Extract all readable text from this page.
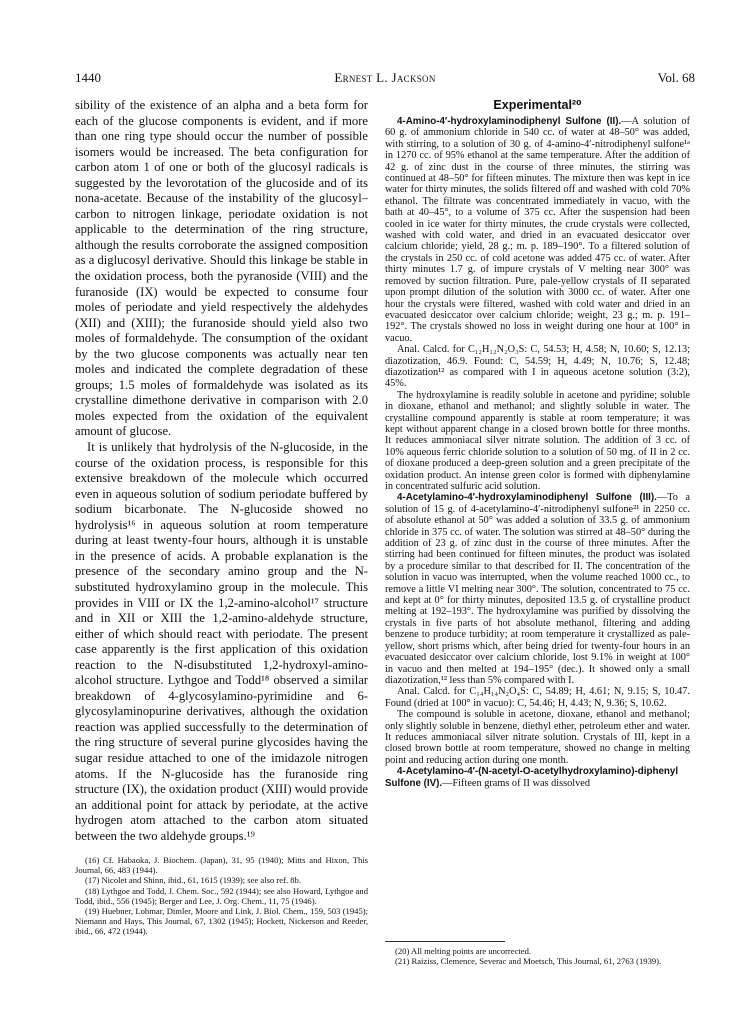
1440	Ernest L. Jackson	Vol. 68

sibility of the existence of an alpha and a beta form for each of the glucose components is evident, and if more than one ring type should occur the number of possible isomers would be increased. The beta configuration for carbon atom 1 of one or both of the glucosyl radicals is suggested by the levorotation of the glucoside and of its nona-acetate. Because of the instability of the glucosyl–carbon to nitrogen linkage, periodate oxidation is not applicable to the determination of the ring structure, although the results corroborate the assigned composition as a diglucosyl derivative. Should this linkage be stable in the oxidation process, both the pyranoside (VIII) and the furanoside (IX) would be expected to consume four moles of periodate and yield respectively the aldehydes (XII) and (XIII); the furanoside should yield also two moles of formaldehyde. The consumption of the oxidant by the two glucose components was actually near ten moles and indicated the complete degradation of these groups; 1.5 moles of formaldehyde was isolated as its crystalline dimethone derivative in comparison with 2.0 moles expected from the oxidation of the equivalent amount of glucose.

It is unlikely that hydrolysis of the N-glucoside, in the course of the oxidation process, is responsible for this extensive breakdown of the molecule which occurred even in aqueous solution of sodium periodate buffered by sodium bicarbonate. The N-glucoside showed no hydrolysis¹⁶ in aqueous solution at room temperature during at least twenty-four hours, although it is unstable in the presence of acids. A probable explanation is the presence of the secondary amino group and the N-substituted hydroxylamino group in the molecule. This provides in VIII or IX the 1,2-amino-alcohol¹⁷ structure and in XII or XIII the 1,2-amino-aldehyde structure, either of which should react with periodate. The present case apparently is the first application of this oxidation reaction to the N-disubstituted 1,2-hydroxyl-amino-alcohol structure. Lythgoe and Todd¹⁸ observed a similar breakdown of 4-glycosylamino-pyrimidine and 6-glycosylaminopurine derivatives, although the oxidation reaction was applied successfully to the determination of the ring structure of several purine glycosides having the sugar residue attached to one of the imidazole nitrogen atoms. If the N-glucoside has the furanoside ring structure (IX), the oxidation product (XIII) would provide an additional point for attack by periodate, at the active hydrogen atom attached to the carbon atom situated between the two aldehyde groups.¹⁹

(16) Cf. Habaoka, J. Biochem. (Japan), 31, 95 (1940); Mitts and Hixon, This Journal, 66, 483 (1944).

(17) Nicolet and Shinn, ibid., 61, 1615 (1939); see also ref. 8b.

(18) Lythgoe and Todd, J. Chem. Soc., 592 (1944); see also Howard, Lythgoe and Todd, ibid., 556 (1945); Berger and Lee, J. Org. Chem., 11, 75 (1946).

(19) Huebner, Lohmar, Dimler, Moore and Link, J. Biol. Chem., 159, 503 (1945); Niemann and Hays, This Journal, 67, 1302 (1945); Hockett, Nickerson and Reeder, ibid., 66, 472 (1944).

Experimental²⁰

4-Amino-4′-hydroxylaminodiphenyl Sulfone (II).—A solution of 60 g. of ammonium chloride in 540 cc. of water at 48–50° was added, with stirring, to a solution of 30 g. of 4-amino-4′-nitrodiphenyl sulfone¹ᵃ in 1270 cc. of 95% ethanol at the same temperature. After the addition of 42 g. of zinc dust in the course of three minutes, the stirring was continued at 48–50° for fifteen minutes. The mixture then was kept in ice water for thirty minutes, the solids filtered off and washed with cold 70% ethanol. The filtrate was concentrated immediately in vacuo, with the bath at 40–45°, to a volume of 375 cc. After the suspension had been cooled in ice water for thirty minutes, the crude crystals were collected, washed with cold water, and dried in an evacuated desiccator over calcium chloride; yield, 28 g.; m. p. 189–190°. To a filtered solution of the crystals in 250 cc. of cold acetone was added 475 cc. of water. After thirty minutes 1.7 g. of impure crystals of V melting near 300° was removed by suction filtration. Pure, pale-yellow crystals of II separated upon prompt dilution of the solution with 3000 cc. of water. After one hour the crystals were filtered, washed with cold water and dried in an evacuated desiccator over calcium chloride; weight, 23 g.; m. p. 191–192°. The crystals showed no loss in weight during one hour at 100° in vacuo.

Anal. Calcd. for C₁₂H₁₂N₂O₃S: C, 54.53; H, 4.58; N, 10.60; S, 12.13; diazotization, 46.9. Found: C, 54.59; H, 4.49; N, 10.76; S, 12.48; diazotization¹² as compared with I in aqueous acetone solution (3:2), 45%.

The hydroxylamine is readily soluble in acetone and pyridine; soluble in dioxane, ethanol and methanol; and slightly soluble in water. The crystalline compound apparently is stable at room temperature; it was kept without apparent change in a closed brown bottle for three months. It reduces ammoniacal silver nitrate solution. The addition of 3 cc. of 10% aqueous ferric chloride solution to a solution of 50 mg. of II in 2 cc. of dioxane produced a deep-green solution and a green precipitate of the oxidation product. An intense green color is formed with diphenylamine in concentrated sulfuric acid solution.

4-Acetylamino-4′-hydroxylaminodiphenyl Sulfone (III).—To a solution of 15 g. of 4-acetylamino-4′-nitrodiphenyl sulfone²¹ in 2250 cc. of absolute ethanol at 50° was added a solution of 33.5 g. of ammonium chloride in 375 cc. of water. The solution was stirred at 48–50° during the addition of 23 g. of zinc dust in the course of three minutes. After the stirring had been continued for fifteen minutes, the product was isolated by a procedure similar to that described for II. The concentration of the solution in vacuo was interrupted, when the volume reached 1000 cc., to remove a little VI melting near 300°. The solution, concentrated to 75 cc. and kept at 0° for thirty minutes, deposited 13.5 g. of crystalline product melting at 192–193°. The hydroxylamine was purified by dissolving the crystals in five parts of hot absolute methanol, filtering and adding benzene to produce turbidity; at room temperature it crystallized as pale-yellow, short prisms which, after being dried for twenty-four hours in an evacuated desiccator over calcium chloride, lost 9.1% in weight at 100° in vacuo and then melted at 194–195° (dec.). It showed only a small diazotization,¹² less than 5% compared with I.

Anal. Calcd. for C₁₄H₁₄N₂O₄S: C, 54.89; H, 4.61; N, 9.15; S, 10.47. Found (dried at 100° in vacuo): C, 54.46; H, 4.43; N, 9.36; S, 10.62.

The compound is soluble in acetone, dioxane, ethanol and methanol; only slightly soluble in benzene, diethyl ether, petroleum ether and water. It reduces ammoniacal silver nitrate solution. Crystals of III, kept in a closed brown bottle at room temperature, showed no change in melting point and reducing action during one month.

4-Acetylamino-4′-(N-acetyl-O-acetylhydroxylamino)-diphenyl Sulfone (IV).—Fifteen grams of II was dissolved

(20) All melting points are uncorrected.

(21) Raiziss, Clemence, Severac and Moetsch, This Journal, 61, 2763 (1939).
